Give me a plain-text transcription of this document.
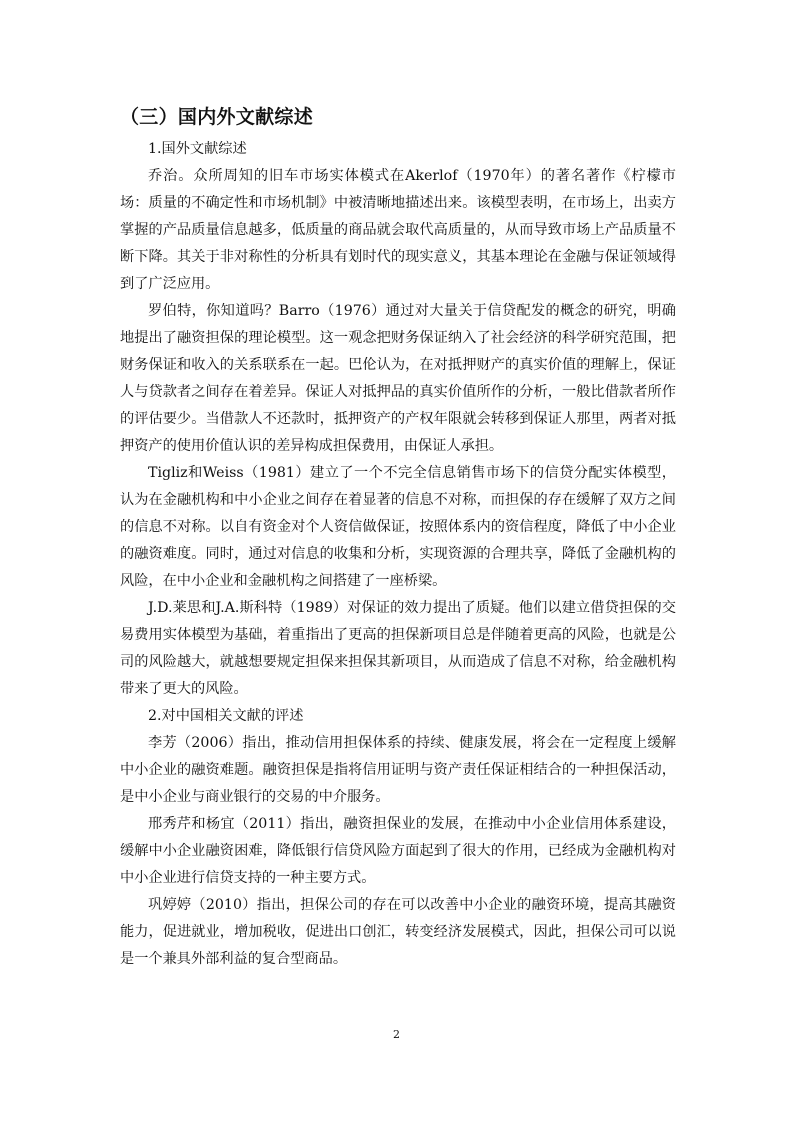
（三）国内外文献综述

1.国外文献综述

乔治。众所周知的旧车市场实体模式在Akerlof（1970年）的著名著作《柠檬市场：质量的不确定性和市场机制》中被清晰地描述出来。该模型表明，在市场上，出卖方掌握的产品质量信息越多，低质量的商品就会取代高质量的，从而导致市场上产品质量不断下降。其关于非对称性的分析具有划时代的现实意义，其基本理论在金融与保证领域得到了广泛应用。

罗伯特，你知道吗？Barro（1976）通过对大量关于信贷配发的概念的研究，明确地提出了融资担保的理论模型。这一观念把财务保证纳入了社会经济的科学研究范围，把财务保证和收入的关系联系在一起。巴伦认为，在对抵押财产的真实价值的理解上，保证人与贷款者之间存在着差异。保证人对抵押品的真实价值所作的分析，一般比借款者所作的评估要少。当借款人不还款时，抵押资产的产权年限就会转移到保证人那里，两者对抵押资产的使用价值认识的差异构成担保费用，由保证人承担。

Tigliz和Weiss（1981）建立了一个不完全信息销售市场下的信贷分配实体模型，认为在金融机构和中小企业之间存在着显著的信息不对称，而担保的存在缓解了双方之间的信息不对称。以自有资金对个人资信做保证，按照体系内的资信程度，降低了中小企业的融资难度。同时，通过对信息的收集和分析，实现资源的合理共享，降低了金融机构的风险，在中小企业和金融机构之间搭建了一座桥梁。

J.D.莱思和J.A.斯科特（1989）对保证的效力提出了质疑。他们以建立借贷担保的交易费用实体模型为基础，着重指出了更高的担保新项目总是伴随着更高的风险，也就是公司的风险越大，就越想要规定担保来担保其新项目，从而造成了信息不对称，给金融机构带来了更大的风险。

2.对中国相关文献的评述

李芳（2006）指出，推动信用担保体系的持续、健康发展，将会在一定程度上缓解中小企业的融资难题。融资担保是指将信用证明与资产责任保证相结合的一种担保活动，是中小企业与商业银行的交易的中介服务。

邢秀芹和杨宜（2011）指出，融资担保业的发展，在推动中小企业信用体系建设，缓解中小企业融资困难，降低银行信贷风险方面起到了很大的作用，已经成为金融机构对中小企业进行信贷支持的一种主要方式。

巩婷婷（2010）指出，担保公司的存在可以改善中小企业的融资环境，提高其融资能力，促进就业，增加税收，促进出口创汇，转变经济发展模式，因此，担保公司可以说是一个兼具外部利益的复合型商品。

2
